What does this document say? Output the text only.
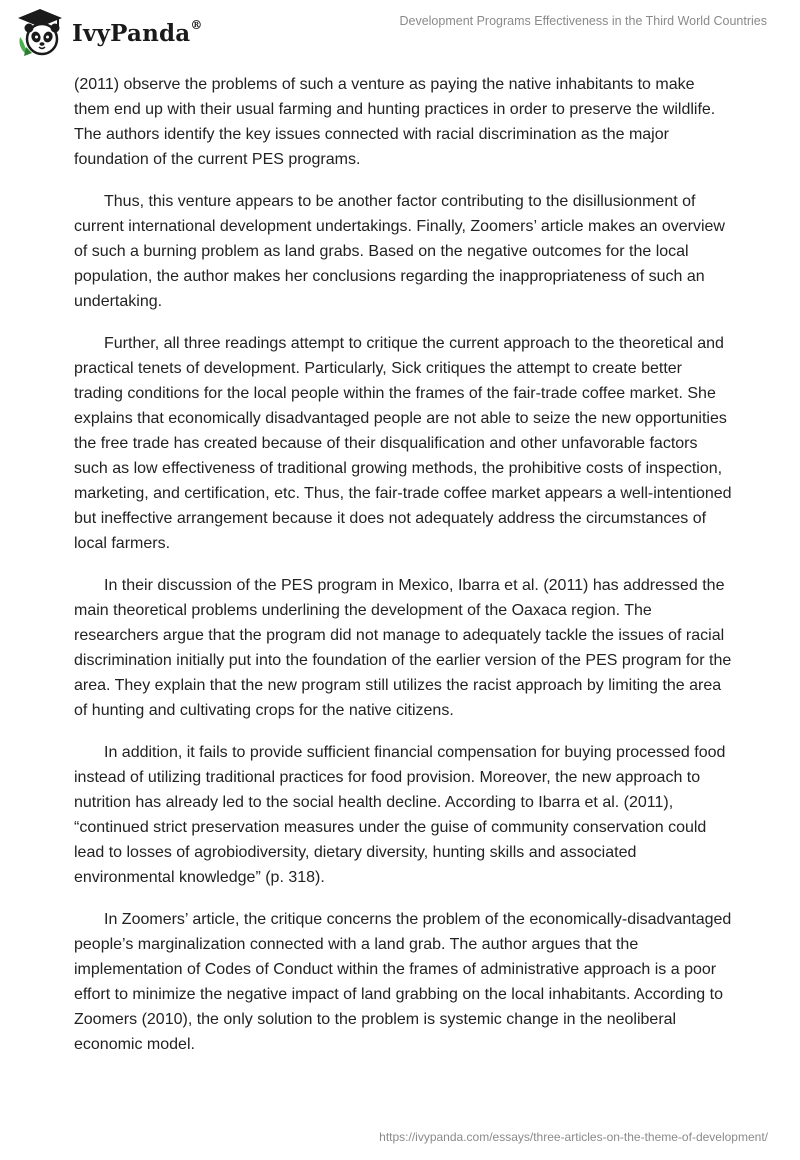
IvyPanda®	Development Programs Effectiveness in the Third World Countries

(2011) observe the problems of such a venture as paying the native inhabitants to make them end up with their usual farming and hunting practices in order to preserve the wildlife. The authors identify the key issues connected with racial discrimination as the major foundation of the current PES programs.

Thus, this venture appears to be another factor contributing to the disillusionment of current international development undertakings. Finally, Zoomers’ article makes an overview of such a burning problem as land grabs. Based on the negative outcomes for the local population, the author makes her conclusions regarding the inappropriateness of such an undertaking.

Further, all three readings attempt to critique the current approach to the theoretical and practical tenets of development. Particularly, Sick critiques the attempt to create better trading conditions for the local people within the frames of the fair-trade coffee market. She explains that economically disadvantaged people are not able to seize the new opportunities the free trade has created because of their disqualification and other unfavorable factors such as low effectiveness of traditional growing methods, the prohibitive costs of inspection, marketing, and certification, etc. Thus, the fair-trade coffee market appears a well-intentioned but ineffective arrangement because it does not adequately address the circumstances of local farmers.

In their discussion of the PES program in Mexico, Ibarra et al. (2011) has addressed the main theoretical problems underlining the development of the Oaxaca region. The researchers argue that the program did not manage to adequately tackle the issues of racial discrimination initially put into the foundation of the earlier version of the PES program for the area. They explain that the new program still utilizes the racist approach by limiting the area of hunting and cultivating crops for the native citizens.

In addition, it fails to provide sufficient financial compensation for buying processed food instead of utilizing traditional practices for food provision. Moreover, the new approach to nutrition has already led to the social health decline. According to Ibarra et al. (2011), “continued strict preservation measures under the guise of community conservation could lead to losses of agrobiodiversity, dietary diversity, hunting skills and associated environmental knowledge” (p. 318).

In Zoomers’ article, the critique concerns the problem of the economically-disadvantaged people’s marginalization connected with a land grab. The author argues that the implementation of Codes of Conduct within the frames of administrative approach is a poor effort to minimize the negative impact of land grabbing on the local inhabitants. According to Zoomers (2010), the only solution to the problem is systemic change in the neoliberal economic model.

https://ivypanda.com/essays/three-articles-on-the-theme-of-development/
